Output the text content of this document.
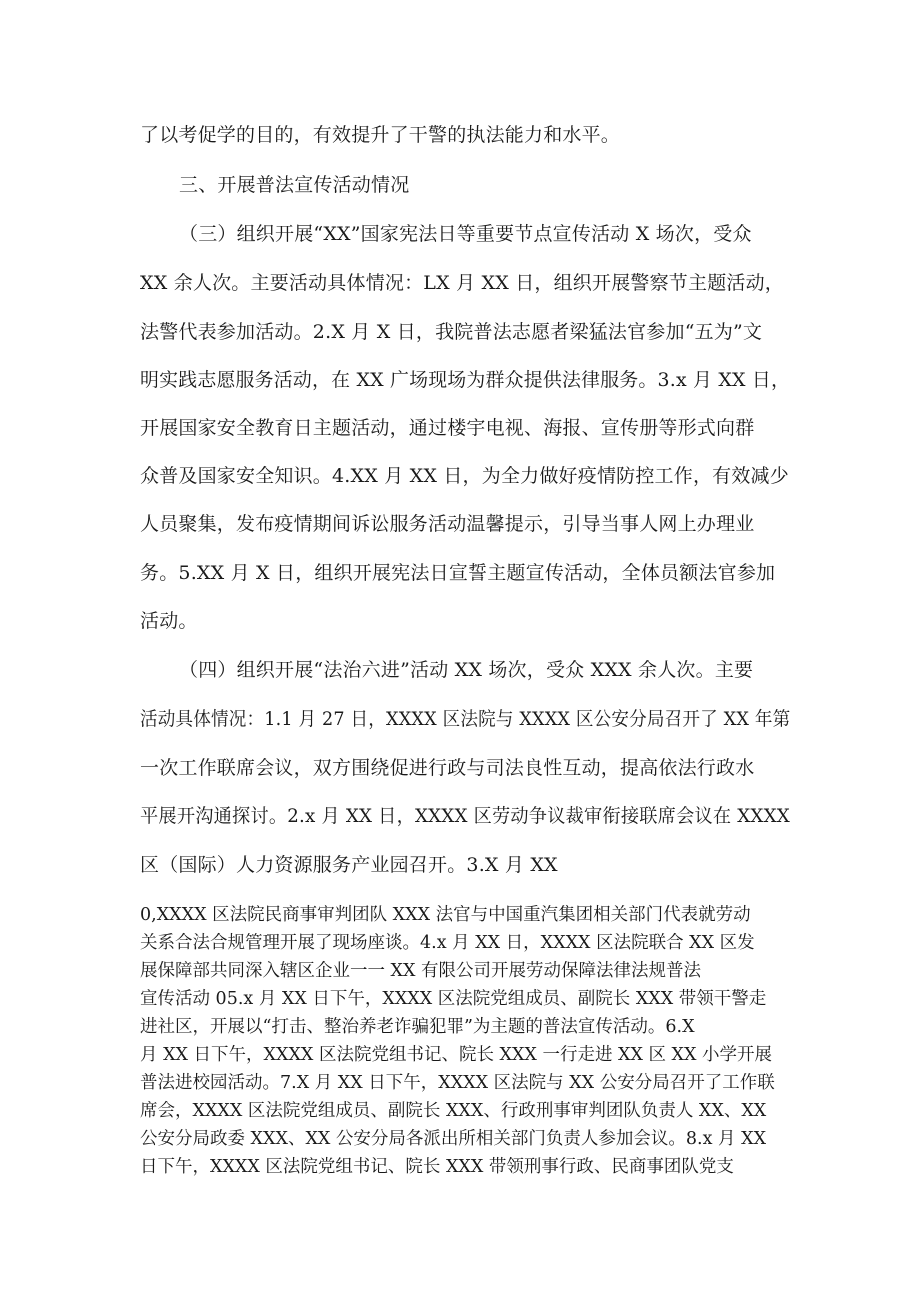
了以考促学的目的，有效提升了干警的执法能力和水平。
三、开展普法宣传活动情况
（三）组织开展“XX”国家宪法日等重要节点宣传活动 X 场次，受众
XX 余人次。主要活动具体情况：LX 月 XX 日，组织开展警察节主题活动，
法警代表参加活动。2.X 月 X 日，我院普法志愿者梁猛法官参加“五为”文
明实践志愿服务活动，在 XX 广场现场为群众提供法律服务。3.x 月 XX 日，
开展国家安全教育日主题活动，通过楼宇电视、海报、宣传册等形式向群
众普及国家安全知识。4.XX 月 XX 日，为全力做好疫情防控工作，有效减少
人员聚集，发布疫情期间诉讼服务活动温馨提示，引导当事人网上办理业
务。5.XX 月 X 日，组织开展宪法日宣誓主题宣传活动，全体员额法官参加
活动。
（四）组织开展“法治六进”活动 XX 场次，受众 XXX 余人次。主要
活动具体情况：1.1 月 27 日，XXXX 区法院与 XXXX 区公安分局召开了 XX 年第
一次工作联席会议，双方围绕促进行政与司法良性互动，提高依法行政水
平展开沟通探讨。2.x 月 XX 日，XXXX 区劳动争议裁审衔接联席会议在 XXXX
区（国际）人力资源服务产业园召开。3.X 月 XX
0,XXXX 区法院民商事审判团队 XXX 法官与中国重汽集团相关部门代表就劳动
关系合法合规管理开展了现场座谈。4.x 月 XX 日，XXXX 区法院联合 XX 区发
展保障部共同深入辖区企业一一 XX 有限公司开展劳动保障法律法规普法
宣传活动 05.x 月 XX 日下午，XXXX 区法院党组成员、副院长 XXX 带领干警走
进社区，开展以“打击、整治养老诈骗犯罪”为主题的普法宣传活动。6.X
月 XX 日下午，XXXX 区法院党组书记、院长 XXX 一行走进 XX 区 XX 小学开展
普法进校园活动。7.X 月 XX 日下午，XXXX 区法院与 XX 公安分局召开了工作联
席会，XXXX 区法院党组成员、副院长 XXX、行政刑事审判团队负责人 XX、XX
公安分局政委 XXX、XX 公安分局各派出所相关部门负责人参加会议。8.x 月 XX
日下午，XXXX 区法院党组书记、院长 XXX 带领刑事行政、民商事团队党支
